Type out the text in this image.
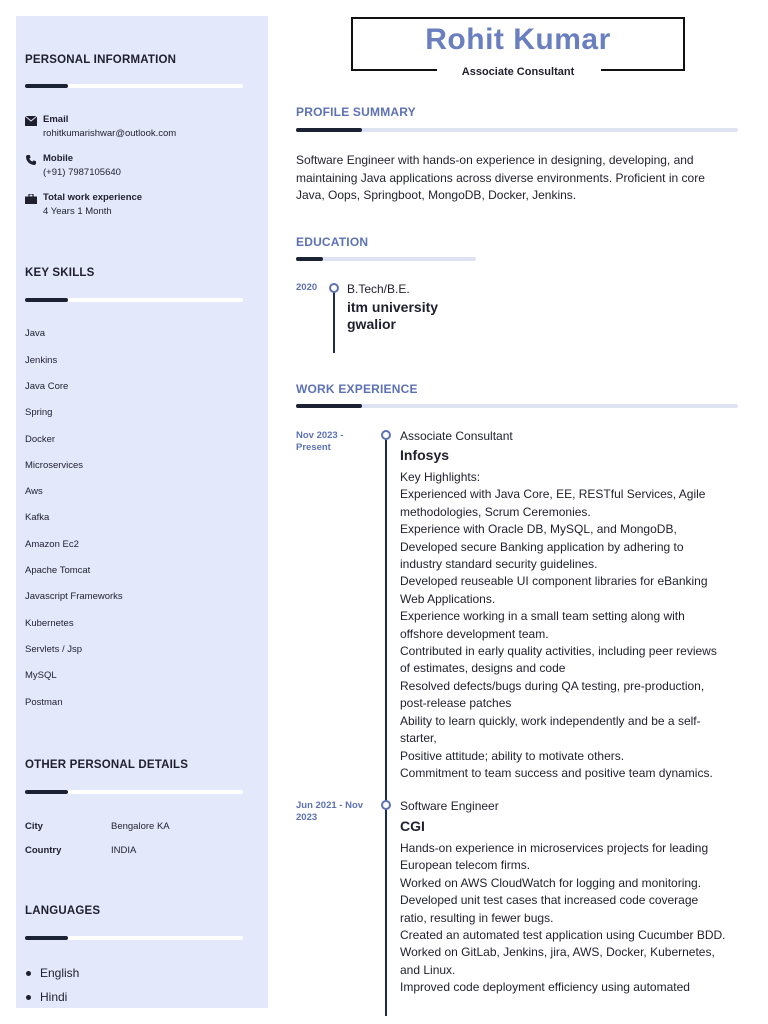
PERSONAL INFORMATION
Email
rohitkumarishwar@outlook.com
Mobile
(+91) 7987105640
Total work experience
4 Years 1 Month
KEY SKILLS
Java
Jenkins
Java Core
Spring
Docker
Microservices
Aws
Kafka
Amazon Ec2
Apache Tomcat
Javascript Frameworks
Kubernetes
Servlets / Jsp
MySQL
Postman
OTHER PERSONAL DETAILS
City	Bengalore KA
Country	INDIA
LANGUAGES
English
Hindi
Rohit Kumar
Associate Consultant
PROFILE SUMMARY
Software Engineer with hands-on experience in designing, developing, and
maintaining Java applications across diverse environments. Proficient in core
Java, Oops, Springboot, MongoDB, Docker, Jenkins.
EDUCATION
2020 B.Tech/B.E.
itm university
gwalior
WORK EXPERIENCE
Nov 2023 -
Present
Associate Consultant
Infosys
Key Highlights:
Experienced with Java Core, EE, RESTful Services, Agile
methodologies, Scrum Ceremonies.
Experience with Oracle DB, MySQL, and MongoDB,
Developed secure Banking application by adhering to
industry standard security guidelines.
Developed reuseable UI component libraries for eBanking
Web Applications.
Experience working in a small team setting along with
offshore development team.
Contributed in early quality activities, including peer reviews
of estimates, designs and code
Resolved defects/bugs during QA testing, pre-production,
post-release patches
Ability to learn quickly, work independently and be a self-
starter,
Positive attitude; ability to motivate others.
Commitment to team success and positive team dynamics.
Jun 2021 - Nov
2023
Software Engineer
CGI
Hands-on experience in microservices projects for leading
European telecom firms.
Worked on AWS CloudWatch for logging and monitoring.
Developed unit test cases that increased code coverage
ratio, resulting in fewer bugs.
Created an automated test application using Cucumber BDD.
Worked on GitLab, Jenkins, jira, AWS, Docker, Kubernetes,
and Linux.
Improved code deployment efficiency using automated
